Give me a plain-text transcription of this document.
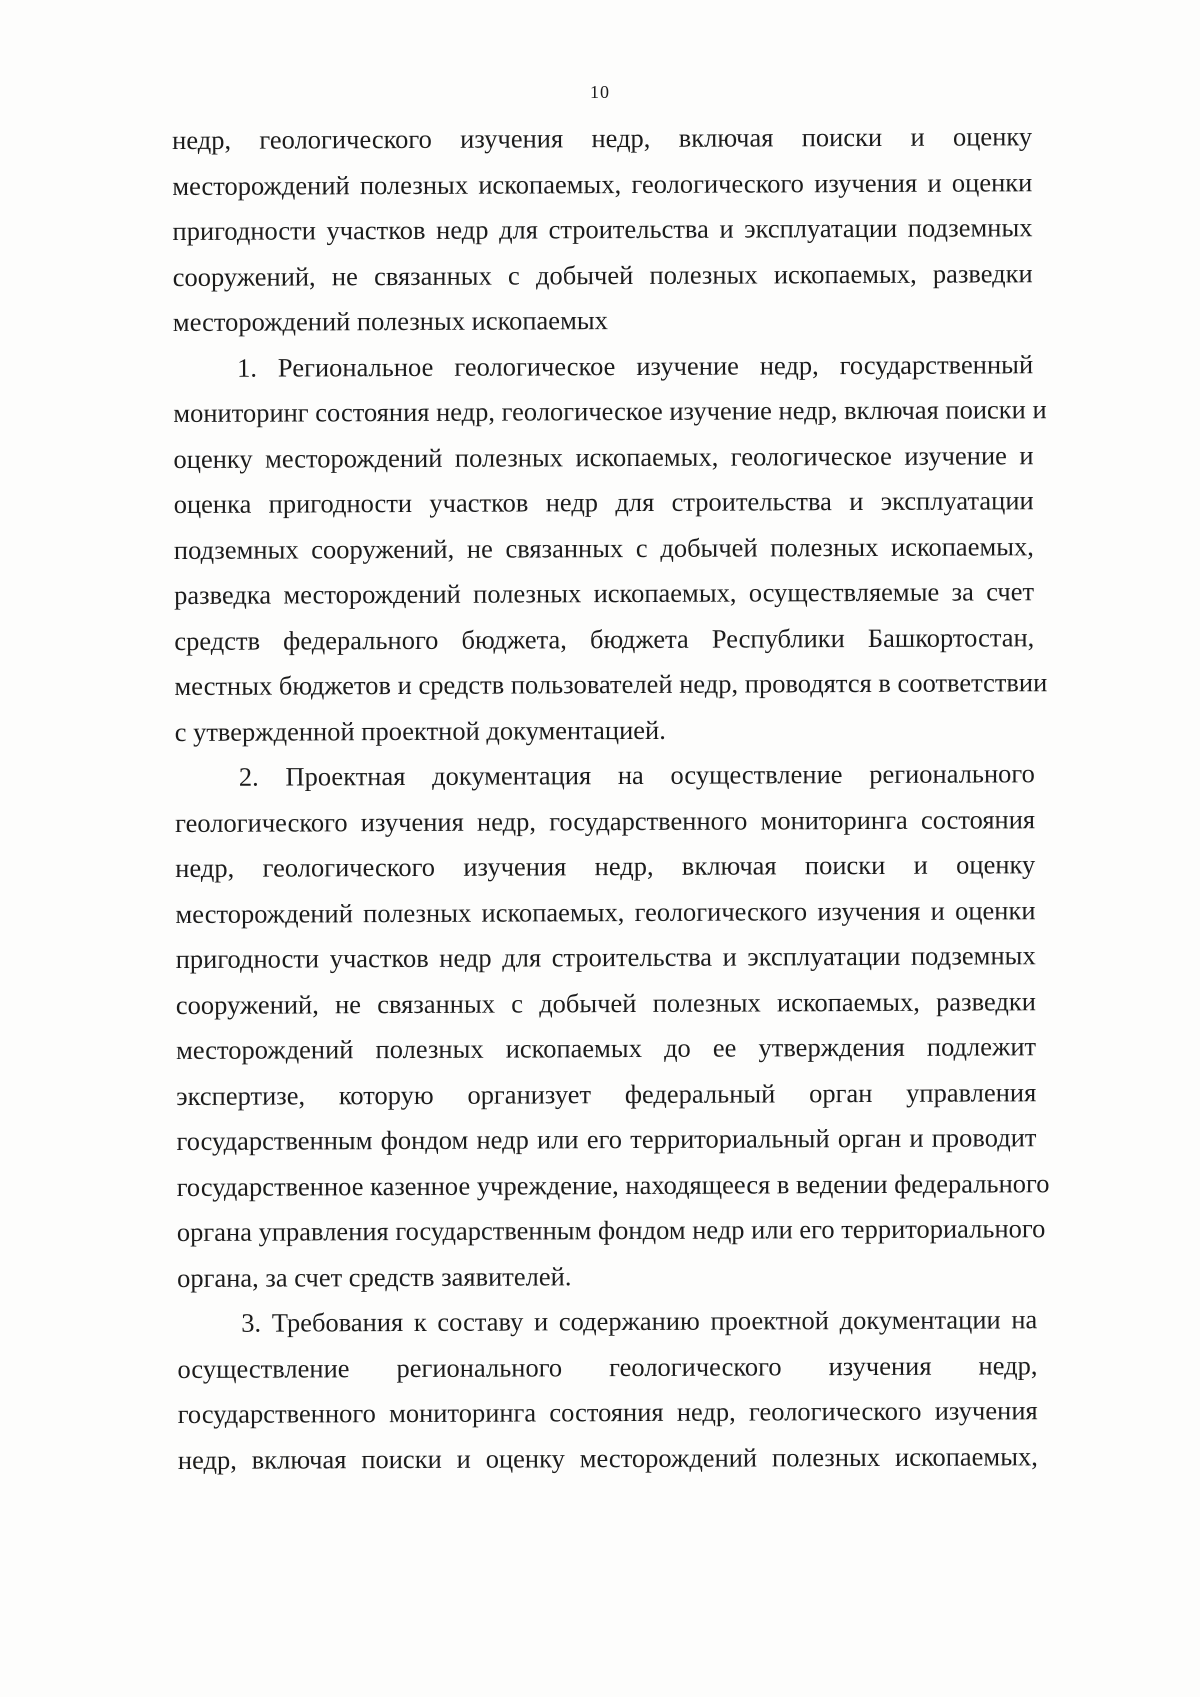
10
недр, геологического изучения недр, включая поиски и оценку
месторождений полезных ископаемых, геологического изучения и оценки
пригодности участков недр для строительства и эксплуатации подземных
сооружений, не связанных с добычей полезных ископаемых, разведки
месторождений полезных ископаемых
1. Региональное геологическое изучение недр, государственный
мониторинг состояния недр, геологическое изучение недр, включая поиски и
оценку месторождений полезных ископаемых, геологическое изучение и
оценка пригодности участков недр для строительства и эксплуатации
подземных сооружений, не связанных с добычей полезных ископаемых,
разведка месторождений полезных ископаемых, осуществляемые за счет
средств федерального бюджета, бюджета Республики Башкортостан,
местных бюджетов и средств пользователей недр, проводятся в соответствии
с утвержденной проектной документацией.
2. Проектная документация на осуществление регионального
геологического изучения недр, государственного мониторинга состояния
недр, геологического изучения недр, включая поиски и оценку
месторождений полезных ископаемых, геологического изучения и оценки
пригодности участков недр для строительства и эксплуатации подземных
сооружений, не связанных с добычей полезных ископаемых, разведки
месторождений полезных ископаемых до ее утверждения подлежит
экспертизе, которую организует федеральный орган управления
государственным фондом недр или его территориальный орган и проводит
государственное казенное учреждение, находящееся в ведении федерального
органа управления государственным фондом недр или его территориального
органа, за счет средств заявителей.
3. Требования к составу и содержанию проектной документации на
осуществление регионального геологического изучения недр,
государственного мониторинга состояния недр, геологического изучения
недр, включая поиски и оценку месторождений полезных ископаемых,
